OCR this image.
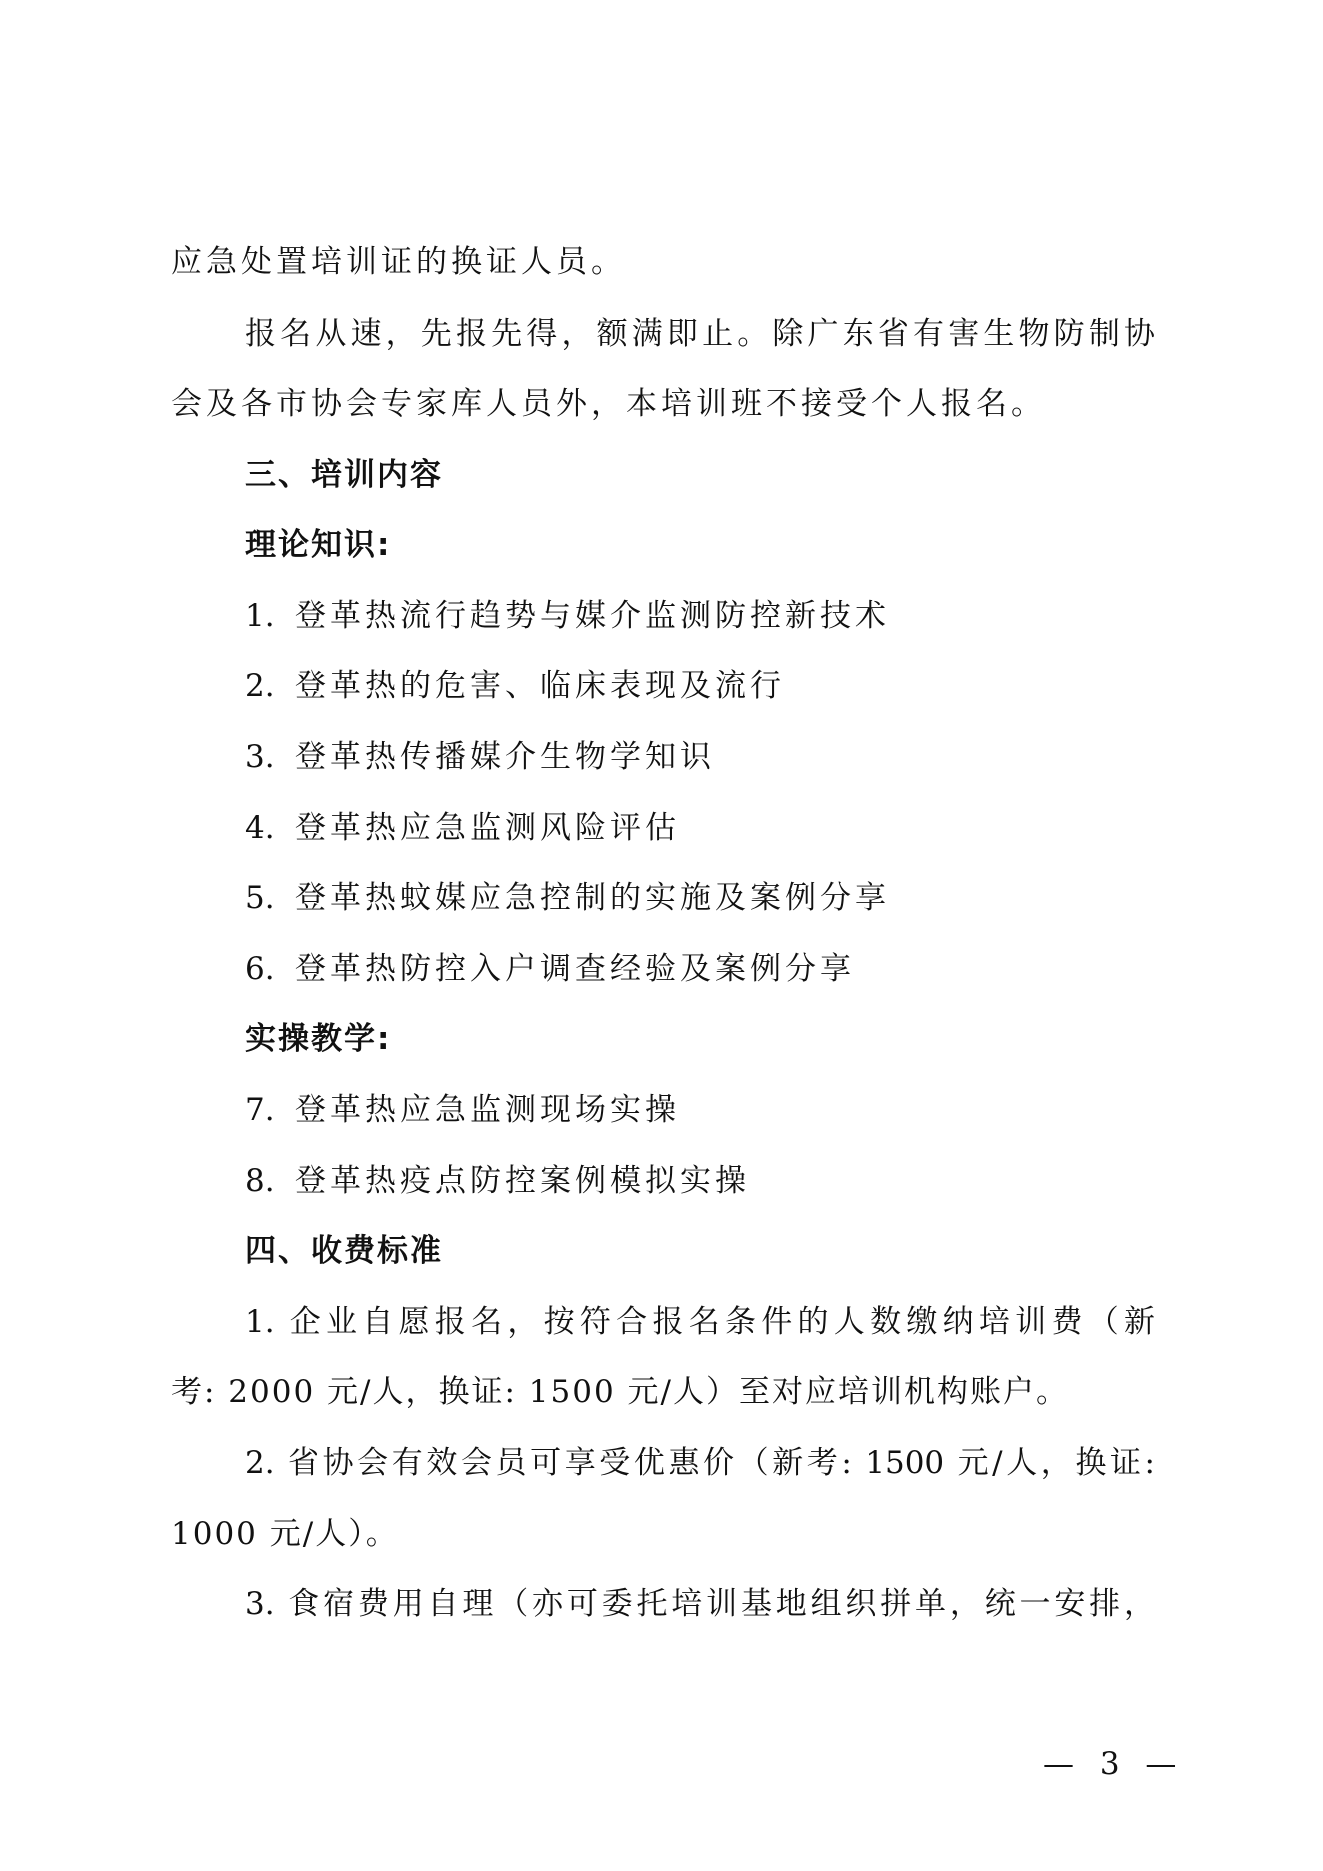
应急处置培训证的换证人员。
报名从速，先报先得，额满即止。除广东省有害生物防制协
会及各市协会专家库人员外，本培训班不接受个人报名。
三、培训内容
理论知识:
1. 登革热流行趋势与媒介监测防控新技术
2. 登革热的危害、临床表现及流行
3. 登革热传播媒介生物学知识
4. 登革热应急监测风险评估
5. 登革热蚊媒应急控制的实施及案例分享
6. 登革热防控入户调查经验及案例分享
实操教学:
7. 登革热应急监测现场实操
8. 登革热疫点防控案例模拟实操
四、收费标准
1. 企业自愿报名，按符合报名条件的人数缴纳培训费（新
考: 2000 元/人，换证: 1500 元/人）至对应培训机构账户。
2. 省协会有效会员可享受优惠价（新考: 1500 元/人，换证:
1000 元/人）。
3. 食宿费用自理（亦可委托培训基地组织拼单，统一安排，
— 3 —
